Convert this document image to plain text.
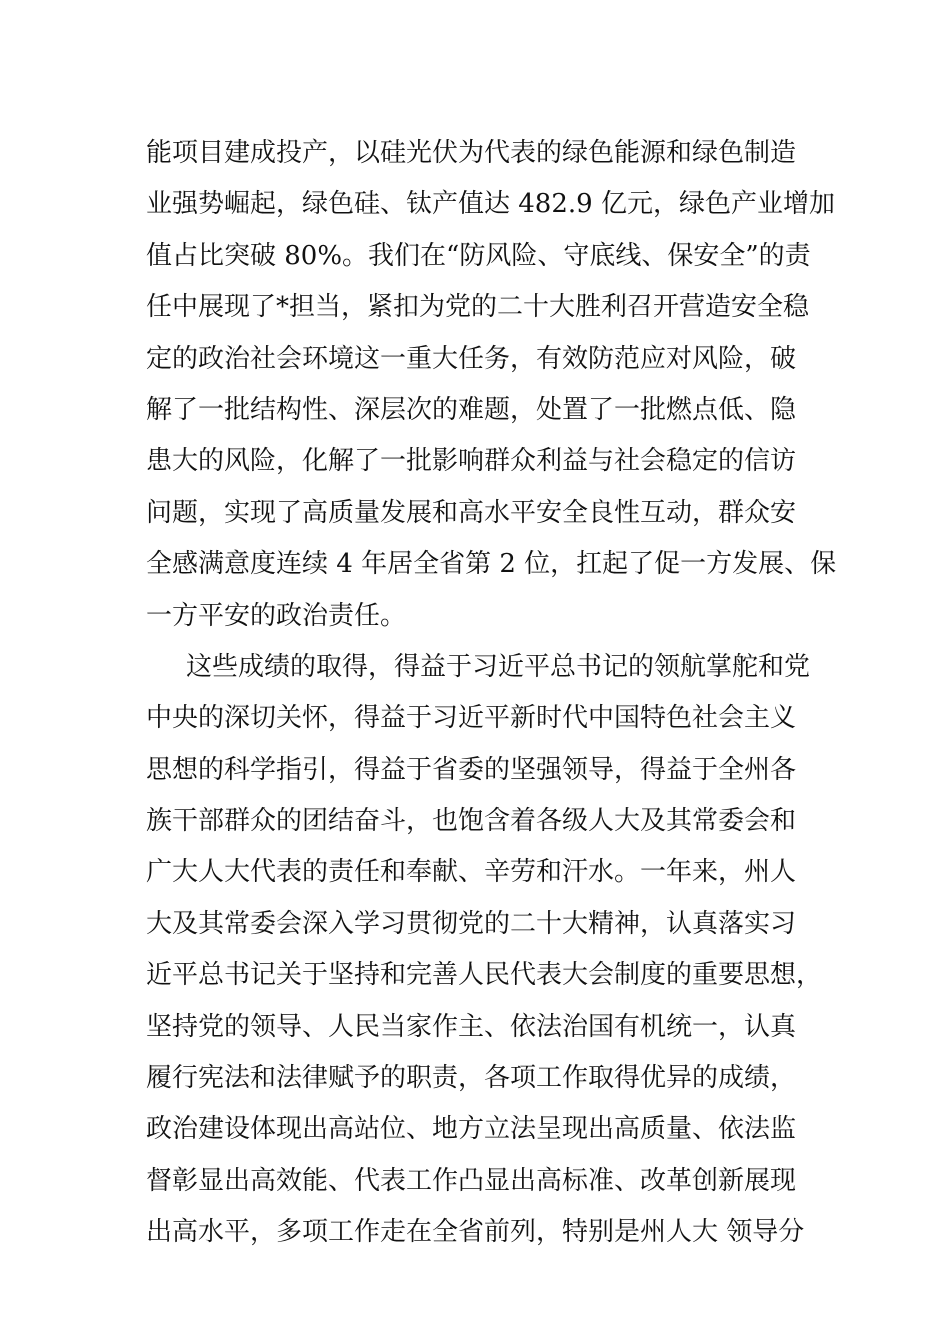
能项目建成投产，以硅光伏为代表的绿色能源和绿色制造
业强势崛起，绿色硅、钛产值达 482.9 亿元，绿色产业增加
值占比突破 80%。我们在“防风险、守底线、保安全”的责
任中展现了*担当，紧扣为党的二十大胜利召开营造安全稳
定的政治社会环境这一重大任务，有效防范应对风险，破
解了一批结构性、深层次的难题，处置了一批燃点低、隐
患大的风险，化解了一批影响群众利益与社会稳定的信访
问题，实现了高质量发展和高水平安全良性互动，群众安
全感满意度连续 4 年居全省第 2 位，扛起了促一方发展、保
一方平安的政治责任。
这些成绩的取得，得益于习近平总书记的领航掌舵和党
中央的深切关怀，得益于习近平新时代中国特色社会主义
思想的科学指引，得益于省委的坚强领导，得益于全州各
族干部群众的团结奋斗，也饱含着各级人大及其常委会和
广大人大代表的责任和奉献、辛劳和汗水。一年来，州人
大及其常委会深入学习贯彻党的二十大精神，认真落实习
近平总书记关于坚持和完善人民代表大会制度的重要思想，
坚持党的领导、人民当家作主、依法治国有机统一，认真
履行宪法和法律赋予的职责，各项工作取得优异的成绩，
政治建设体现出高站位、地方立法呈现出高质量、依法监
督彰显出高效能、代表工作凸显出高标准、改革创新展现
出高水平，多项工作走在全省前列，特别是州人大 领导分
